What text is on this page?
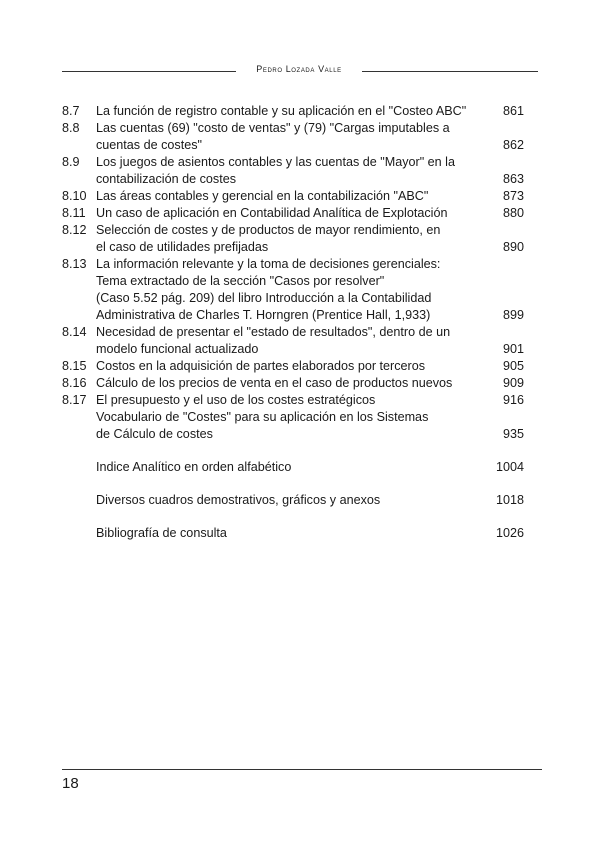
Pedro Lozada Valle
8.7	La función de registro contable y su aplicación en el "Costeo ABC"	861
8.8	Las cuentas (69) "costo de ventas" y (79) "Cargas imputables a
cuentas de costes"	862
8.9	Los juegos de asientos contables y las cuentas de "Mayor" en la
contabilización de costes	863
8.10 Las áreas contables y gerencial en la contabilización "ABC"	873
8.11 Un caso de aplicación en Contabilidad Analítica de Explotación	880
8.12 Selección de costes y de productos de mayor rendimiento, en
el caso de utilidades prefijadas	890
8.13 La información relevante y la toma de decisiones gerenciales:
Tema extractado de la sección "Casos por resolver"
(Caso 5.52 pág. 209) del libro Introducción a la Contabilidad
Administrativa de Charles T. Horngren (Prentice Hall, 1,933)	899
8.14 Necesidad de presentar el "estado de resultados", dentro de un
modelo funcional actualizado	901
8.15 Costos en la adquisición de partes elaborados por terceros	905
8.16 Cálculo de los precios de venta en el caso de productos nuevos	909
8.17 El presupuesto y el uso de los costes estratégicos	916
Vocabulario de "Costes" para su aplicación en los Sistemas
de Cálculo de costes	935
Indice Analítico en orden alfabético	1004
Diversos cuadros demostrativos, gráficos y anexos	1018
Bibliografía de consulta	1026
18
